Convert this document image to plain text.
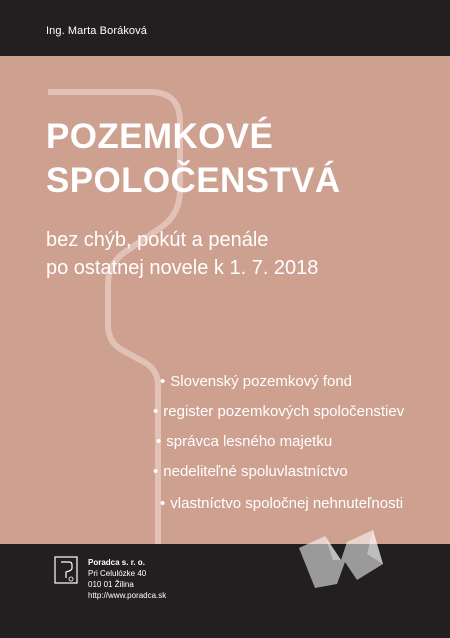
Ing. Marta Boráková
POZEMKOVÉ
SPOLOČENSTVÁ

bez chýb, pokút a penále
po ostatnej novele k 1. 7. 2018

• Slovenský pozemkový fond
• register pozemkových spoločenstiev
• správca lesného majetku
• nedeliteľné spoluvlastníctvo
• vlastníctvo spoločnej nehnuteľnosti
Poradca s. r. o.
Pri Celulózke 40
010 01 Žilina
http://www.poradca.sk
